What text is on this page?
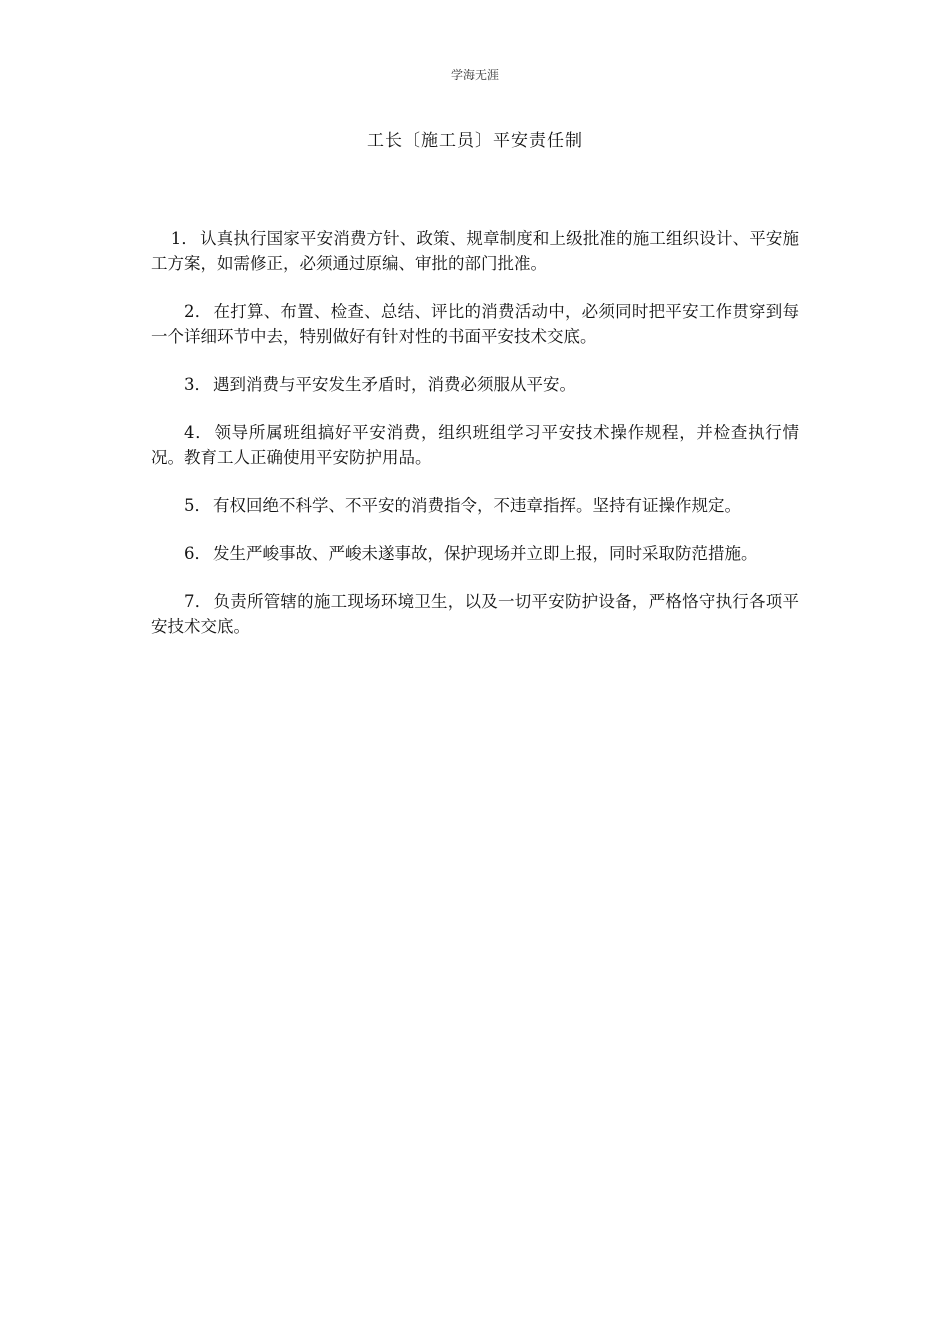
学海无涯
工长〔施工员〕平安责任制

1． 认真执行国家平安消费方针、政策、规章制度和上级批准的施工组织设计、平安施工方案，如需修正，必须通过原编、审批的部门批准。

2． 在打算、布置、检查、总结、评比的消费活动中，必须同时把平安工作贯穿到每一个详细环节中去，特别做好有针对性的书面平安技术交底。

3． 遇到消费与平安发生矛盾时，消费必须服从平安。

4． 领导所属班组搞好平安消费，组织班组学习平安技术操作规程，并检查执行情况。教育工人正确使用平安防护用品。

5． 有权回绝不科学、不平安的消费指令，不违章指挥。坚持有证操作规定。

6． 发生严峻事故、严峻未遂事故，保护现场并立即上报，同时采取防范措施。

7． 负责所管辖的施工现场环境卫生，以及一切平安防护设备，严格恪守执行各项平安技术交底。
